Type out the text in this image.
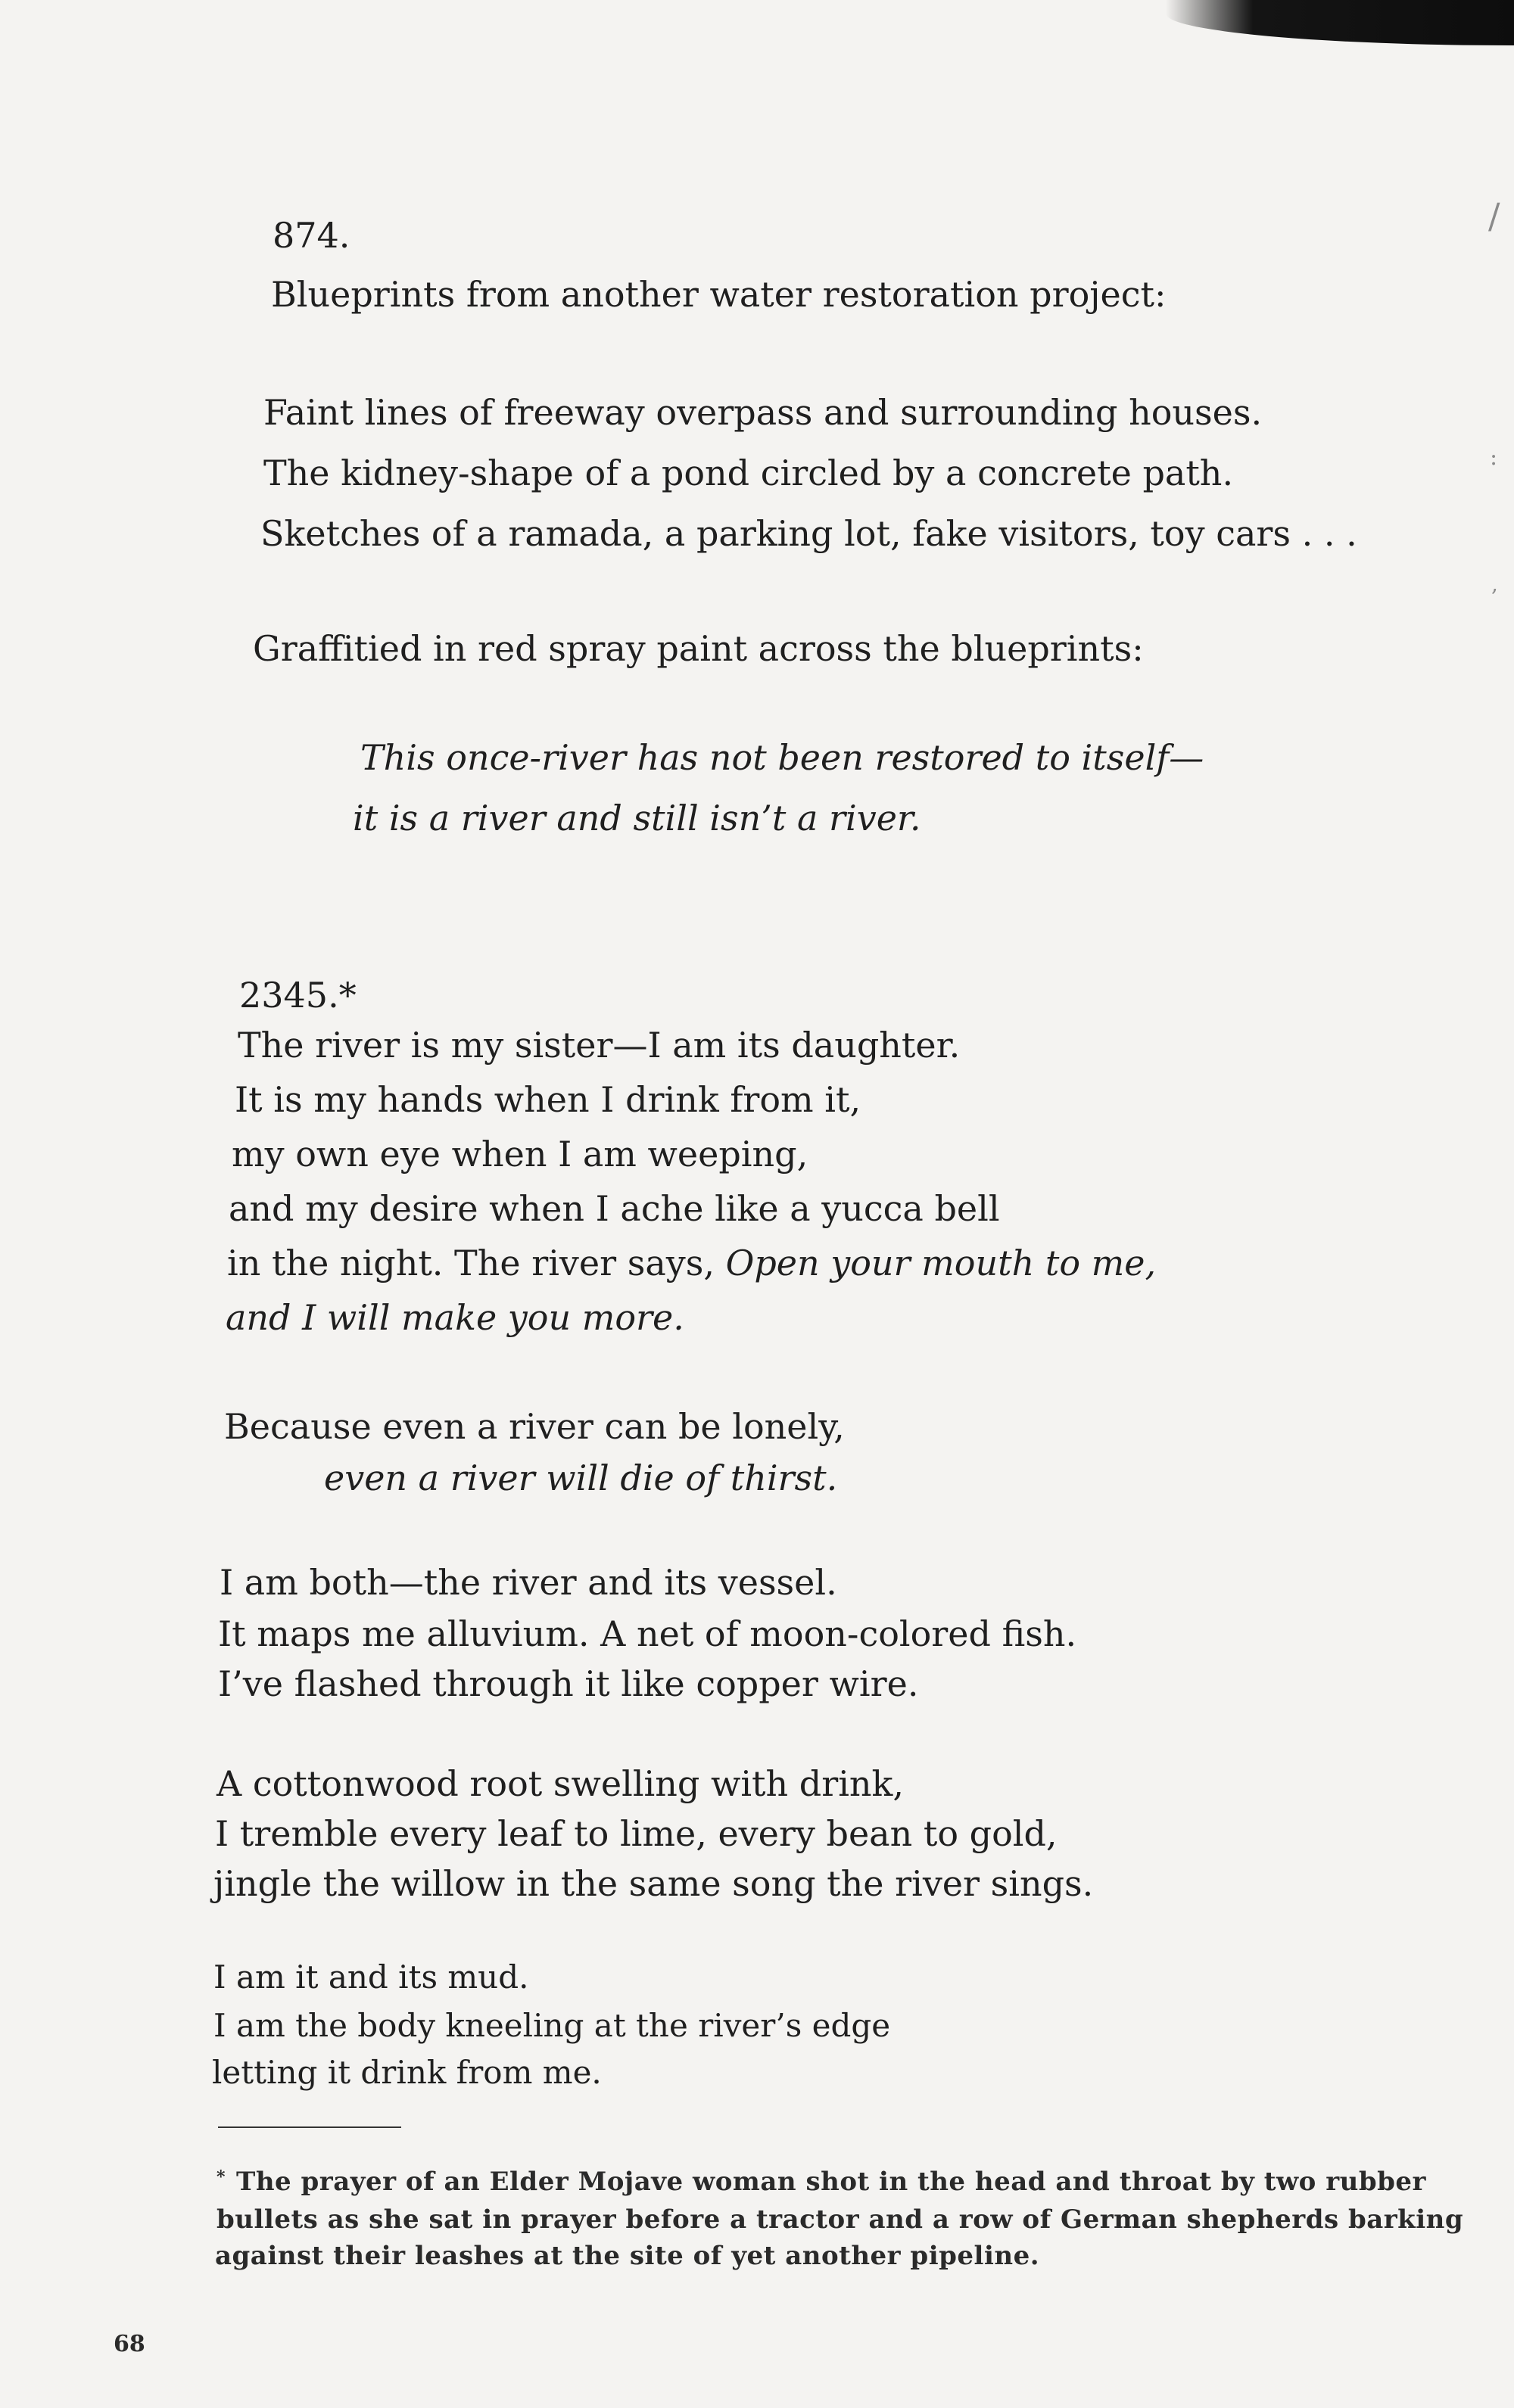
/
:
,
874.
Blueprints from another water restoration project:
Faint lines of freeway overpass and surrounding houses.
The kidney-shape of a pond circled by a concrete path.
Sketches of a ramada, a parking lot, fake visitors, toy cars . . .
Graffitied in red spray paint across the blueprints:
This once-river has not been restored to itself—
it is a river and still isn’t a river.
2345.*
The river is my sister—I am its daughter.
It is my hands when I drink from it,
my own eye when I am weeping,
and my desire when I ache like a yucca bell
in the night. The river says, Open your mouth to me,
and I will make you more.
Because even a river can be lonely,
even a river will die of thirst.
I am both—the river and its vessel.
It maps me alluvium. A net of moon-colored fish.
I’ve flashed through it like copper wire.
A cottonwood root swelling with drink,
I tremble every leaf to lime, every bean to gold,
jingle the willow in the same song the river sings.
I am it and its mud.
I am the body kneeling at the river’s edge
letting it drink from me.
* The prayer of an Elder Mojave woman shot in the head and throat by two rubber
bullets as she sat in prayer before a tractor and a row of German shepherds barking
against their leashes at the site of yet another pipeline.
68
